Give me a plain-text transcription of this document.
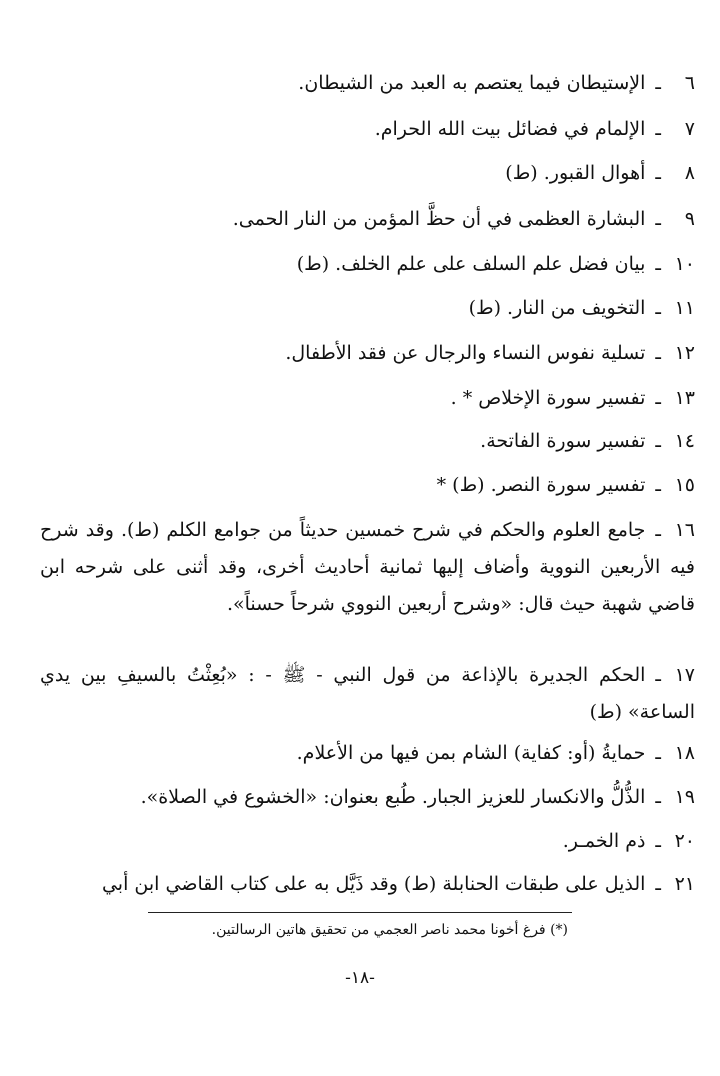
٦ـالإستيطان فيما يعتصم به العبد من الشيطان.
٧ـالإلمام في فضائل بيت الله الحرام.
٨ـأهوال القبور. (ط)
٩ـالبشارة العظمى في أن حظَّ المؤمن من النار الحمى.
١٠ـبيان فضل علم السلف على علم الخلف. (ط)
١١ـالتخويف من النار. (ط)
١٢ـتسلية نفوس النساء والرجال عن فقد الأطفال.
١٣ـتفسير سورة الإخلاص * .
١٤ـتفسير سورة الفاتحة.
١٥ـتفسير سورة النصر. (ط) *
١٦ـجامع العلوم والحكم في شرح خمسين حديثاً من جوامع الكلم (ط). وقد شرح فيه الأربعين النووية وأضاف إليها ثمانية أحاديث أخرى، وقد أثنى على شرحه ابن قاضي شهبة حيث قال: «وشرح أربعين النووي شرحاً حسناً».
١٧ـالحكم الجديرة بالإذاعة من قول النبي - ﷺ - : «بُعِثْتُ بالسيفِ بين يدي الساعة» (ط)
١٨ـحمايةُ (أو: كفاية) الشام بمن فيها من الأعلام.
١٩ـالذُّلُّ والانكسار للعزيز الجبار. طُبع بعنوان: «الخشوع في الصلاة».
٢٠ـذم الخمـر.
٢١ـالذيل على طبقات الحنابلة (ط) وقد ذَيَّل به على كتاب القاضي ابن أبي
(*) فرغ أخونا محمد ناصر العجمي من تحقيق هاتين الرسالتين.
-١٨-
